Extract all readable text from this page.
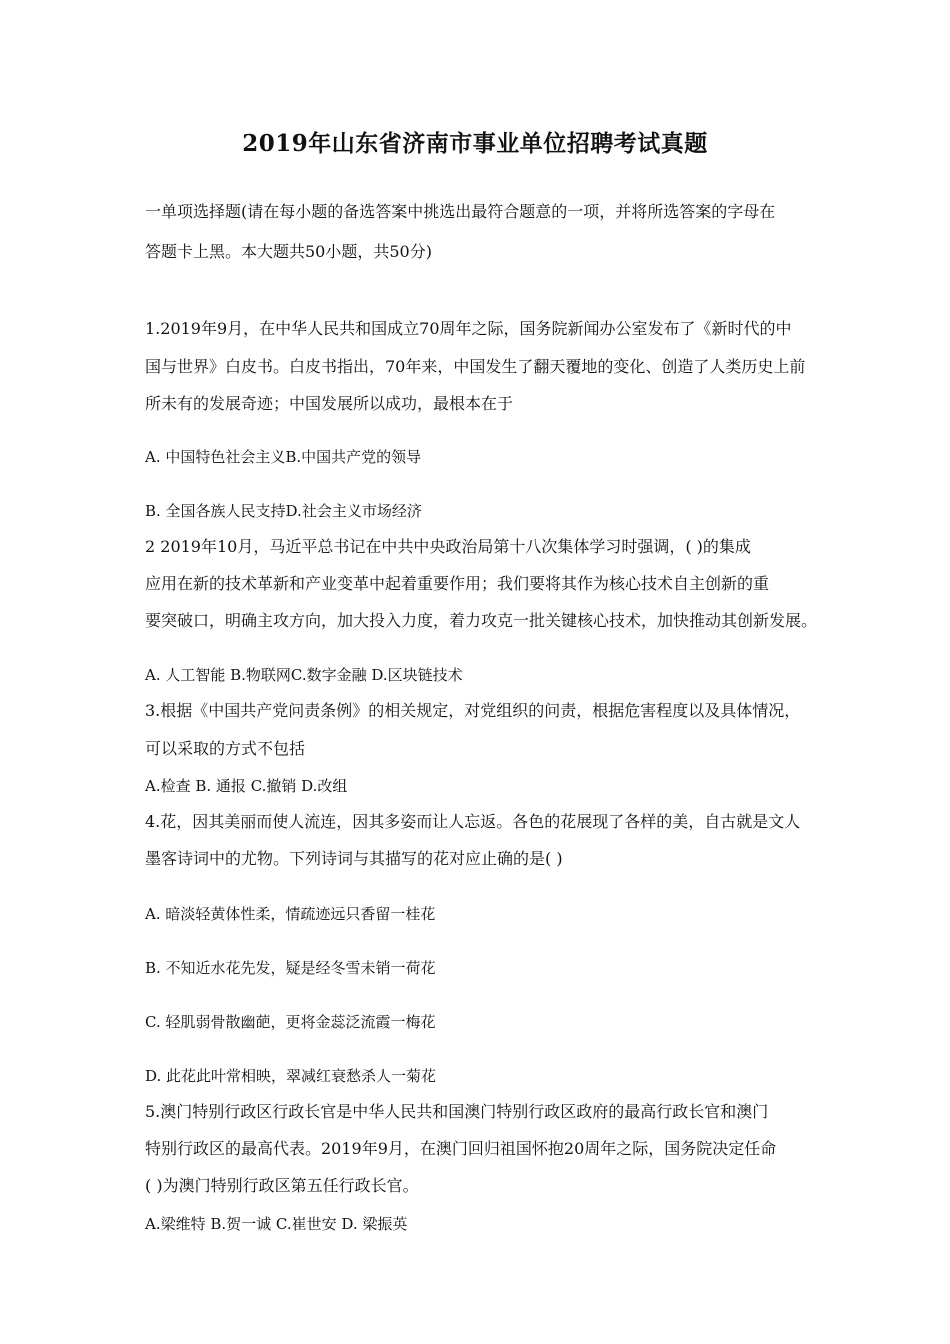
2019年山东省济南市事业单位招聘考试真题
一单项选择题(请在每小题的备选答案中挑选出最符合题意的一项，并将所选答案的字母在
答题卡上黑。本大题共50小题，共50分)
1.2019年9月，在中华人民共和国成立70周年之际，国务院新闻办公室发布了《新时代的中
国与世界》白皮书。白皮书指出，70年来，中国发生了翻天覆地的变化、创造了人类历史上前
所未有的发展奇迹；中国发展所以成功，最根本在于
A. 中国特色社会主义B.中国共产党的领导
B. 全国各族人民支持D.社会主义市场经济
2 2019年10月，马近平总书记在中共中央政治局第十八次集体学习时强调，( )的集成
应用在新的技术革新和产业变革中起着重要作用；我们要将其作为核心技术自主创新的重
要突破口，明确主攻方向，加大投入力度，着力攻克一批关键核心技术，加快推动其创新发展。
A. 人工智能 B.物联网C.数字金融 D.区块链技术
3.根据《中国共产党问责条例》的相关规定，对党组织的问责，根据危害程度以及具体情况，
可以采取的方式不包括
A.检查 B. 通报 C.撤销 D.改组
4.花，因其美丽而使人流连，因其多姿而让人忘返。各色的花展现了各样的美，自古就是文人
墨客诗词中的尤物。下列诗词与其描写的花对应止确的是( )
A. 暗淡轻黄体性柔，情疏迹远只香留一桂花
B. 不知近水花先发，疑是经冬雪未销一荷花
C. 轻肌弱骨散幽葩，更将金蕊泛流霞一梅花
D. 此花此叶常相映，翠减红衰愁杀人一菊花
5.澳门特别行政区行政长官是中华人民共和国澳门特别行政区政府的最高行政长官和澳门
特别行政区的最高代表。2019年9月，在澳门回归祖国怀抱20周年之际，国务院决定任命
( )为澳门特别行政区第五任行政长官。
A.梁维特 B.贺一诚 C.崔世安 D. 梁振英
